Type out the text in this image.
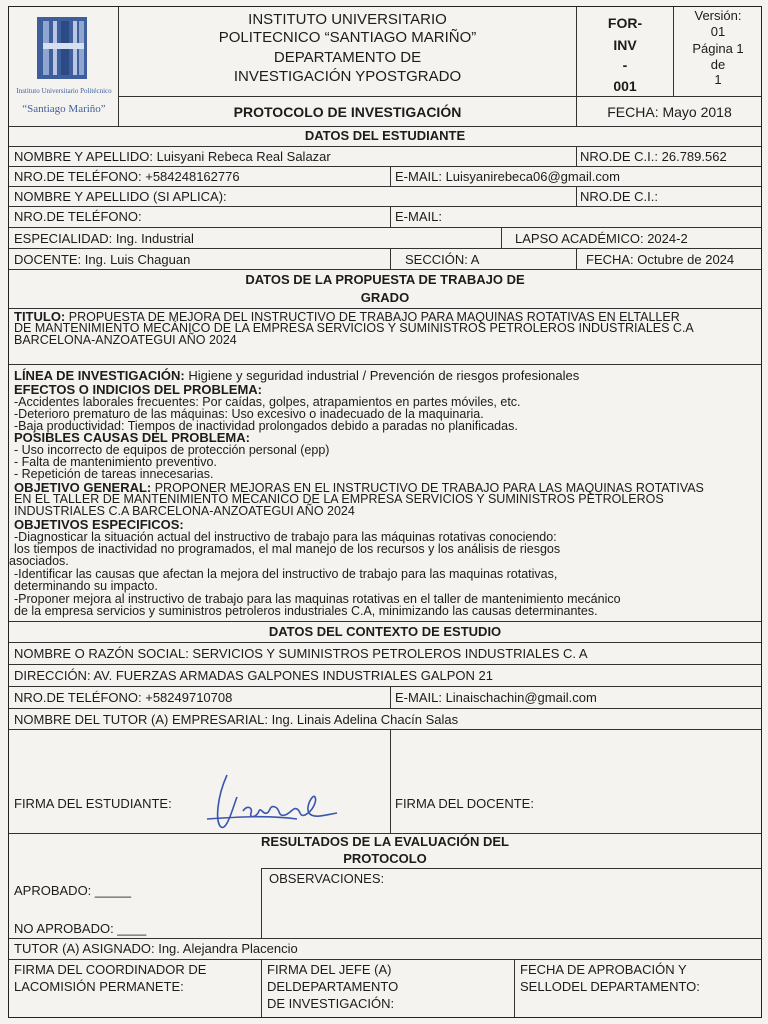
Instituto Universitario Politécnico
“Santiago Mariño”
INSTITUTO UNIVERSITARIO
POLITECNICO “SANTIAGO MARIÑO”
DEPARTAMENTO DE
INVESTIGACIÓN YPOSTGRADO
FOR-
INV
-
001
Versión:
01
Página 1
de
1
PROTOCOLO DE INVESTIGACIÓN	FECHA: Mayo 2018
DATOS DEL ESTUDIANTE
NOMBRE Y APELLIDO: Luisyani Rebeca Real Salazar	NRO.DE C.I.: 26.789.562
NRO.DE TELÉFONO: +584248162776	E-MAIL: Luisyanirebeca06@gmail.com
NOMBRE Y APELLIDO (SI APLICA):	NRO.DE C.I.:
NRO.DE TELÉFONO:	E-MAIL:
ESPECIALIDAD: Ing. Industrial	LAPSO ACADÉMICO: 2024-2
DOCENTE: Ing. Luis Chaguan	SECCIÓN: A	FECHA: Octubre de 2024
DATOS DE LA PROPUESTA DE TRABAJO DE
GRADO
TITULO: PROPUESTA DE MEJORA DEL INSTRUCTIVO DE TRABAJO PARA MAQUINAS ROTATIVAS EN ELTALLER
DE MANTENIMIENTO MECÁNICO DE LA EMPRESA SERVICIOS Y SUMINISTROS PETROLEROS INDUSTRIALES C.A
BARCELONA-ANZOATEGUI AÑO 2024
LÍNEA DE INVESTIGACIÓN: Higiene y seguridad industrial / Prevención de riesgos profesionales
EFECTOS O INDICIOS DEL PROBLEMA:
-Accidentes laborales frecuentes: Por caídas, golpes, atrapamientos en partes móviles, etc.
-Deterioro prematuro de las máquinas: Uso excesivo o inadecuado de la maquinaria.
-Baja productividad: Tiempos de inactividad prolongados debido a paradas no planificadas.
POSIBLES CAUSAS DEL PROBLEMA:
- Uso incorrecto de equipos de protección personal (epp)
- Falta de mantenimiento preventivo.
- Repetición de tareas innecesarias.
OBJETIVO GENERAL: PROPONER MEJORAS EN EL INSTRUCTIVO DE TRABAJO PARA LAS MAQUINAS ROTATIVAS
EN EL TALLER DE MANTENIMIENTO MECANICO DE LA EMPRESA SERVICIOS Y SUMINISTROS PETROLEROS
INDUSTRIALES C.A BARCELONA-ANZOATEGUI AÑO 2024
OBJETIVOS ESPECIFICOS:
-Diagnosticar la situación actual del instructivo de trabajo para las máquinas rotativas conociendo:
los tiempos de inactividad no programados, el mal manejo de los recursos y los análisis de riesgos
asociados.
-Identificar las causas que afectan la mejora del instructivo de trabajo para las maquinas rotativas,
determinando su impacto.
-Proponer mejora al instructivo de trabajo para las maquinas rotativas en el taller de mantenimiento mecánico
de la empresa servicios y suministros petroleros industriales C.A, minimizando las causas determinantes.
DATOS DEL CONTEXTO DE ESTUDIO
NOMBRE O RAZÓN SOCIAL: SERVICIOS Y SUMINISTROS PETROLEROS INDUSTRIALES C. A
DIRECCIÓN: AV. FUERZAS ARMADAS GALPONES INDUSTRIALES GALPON 21
NRO.DE TELÉFONO: +58249710708	E-MAIL: Linaischachin@gmail.com
NOMBRE DEL TUTOR (A) EMPRESARIAL: Ing. Linais Adelina Chacín Salas
FIRMA DEL ESTUDIANTE:	FIRMA DEL DOCENTE:
RESULTADOS DE LA EVALUACIÓN DEL
PROTOCOLO
APROBADO: _____
NO APROBADO: ____
OBSERVACIONES:
TUTOR (A) ASIGNADO: Ing. Alejandra Placencio
FIRMA DEL COORDINADOR DE
LACOMISIÓN PERMANETE:
FIRMA DEL JEFE (A)
DELDEPARTAMENTO
DE INVESTIGACIÓN:
FECHA DE APROBACIÓN Y
SELLODEL DEPARTAMENTO:
